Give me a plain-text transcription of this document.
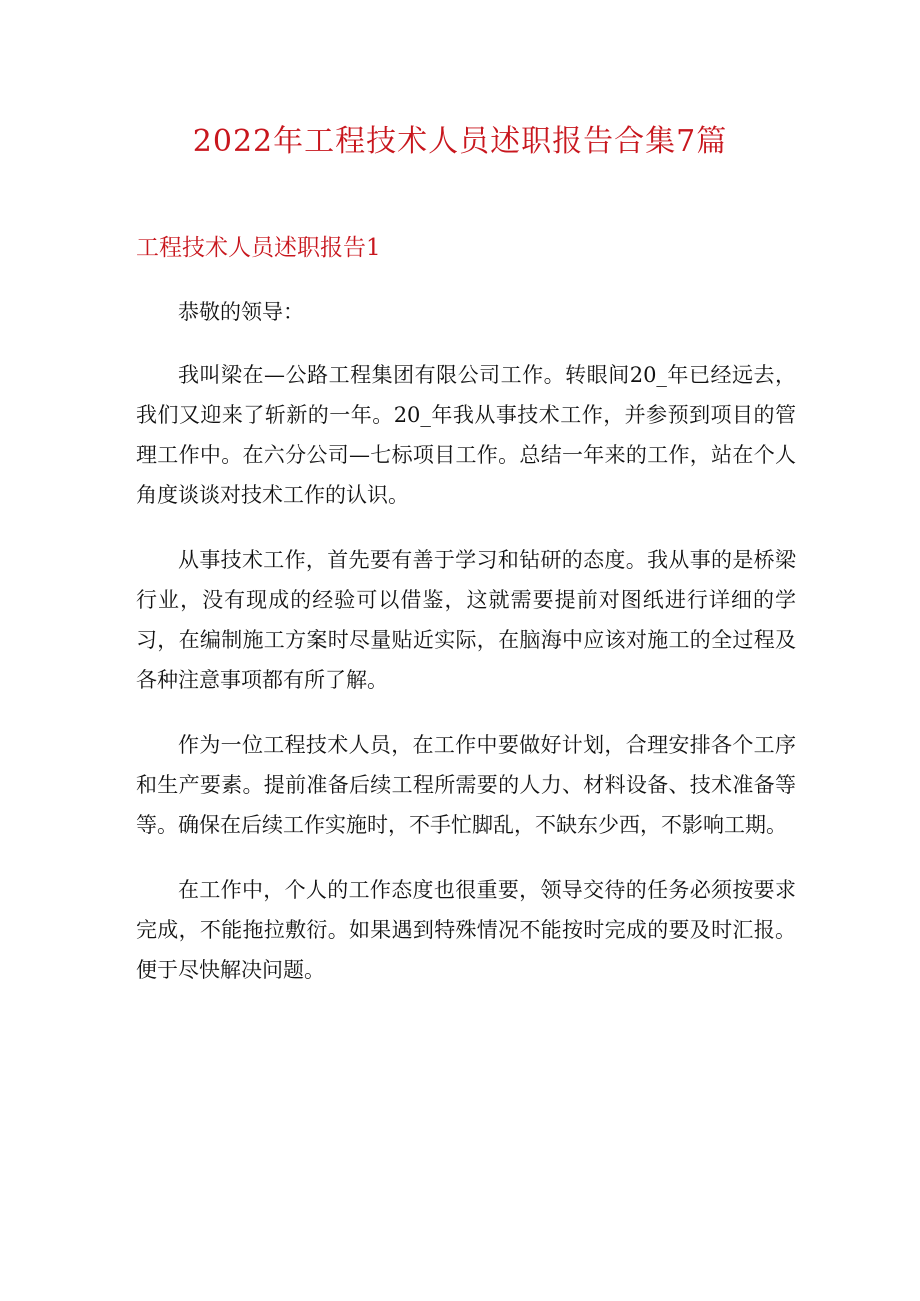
2022年工程技术人员述职报告合集7篇
工程技术人员述职报告1

恭敬的领导：

我叫梁在—公路工程集团有限公司工作。转眼间20_年已经远去，我们又迎来了斩新的一年。20_年我从事技术工作，并参预到项目的管理工作中。在六分公司—七标项目工作。总结一年来的工作，站在个人角度谈谈对技术工作的认识。

从事技术工作，首先要有善于学习和钻研的态度。我从事的是桥梁行业，没有现成的经验可以借鉴，这就需要提前对图纸进行详细的学习，在编制施工方案时尽量贴近实际，在脑海中应该对施工的全过程及各种注意事项都有所了解。

作为一位工程技术人员，在工作中要做好计划，合理安排各个工序和生产要素。提前准备后续工程所需要的人力、材料设备、技术准备等等。确保在后续工作实施时，不手忙脚乱，不缺东少西，不影响工期。

在工作中，个人的工作态度也很重要，领导交待的任务必须按要求完成，不能拖拉敷衍。如果遇到特殊情况不能按时完成的要及时汇报。便于尽快解决问题。
